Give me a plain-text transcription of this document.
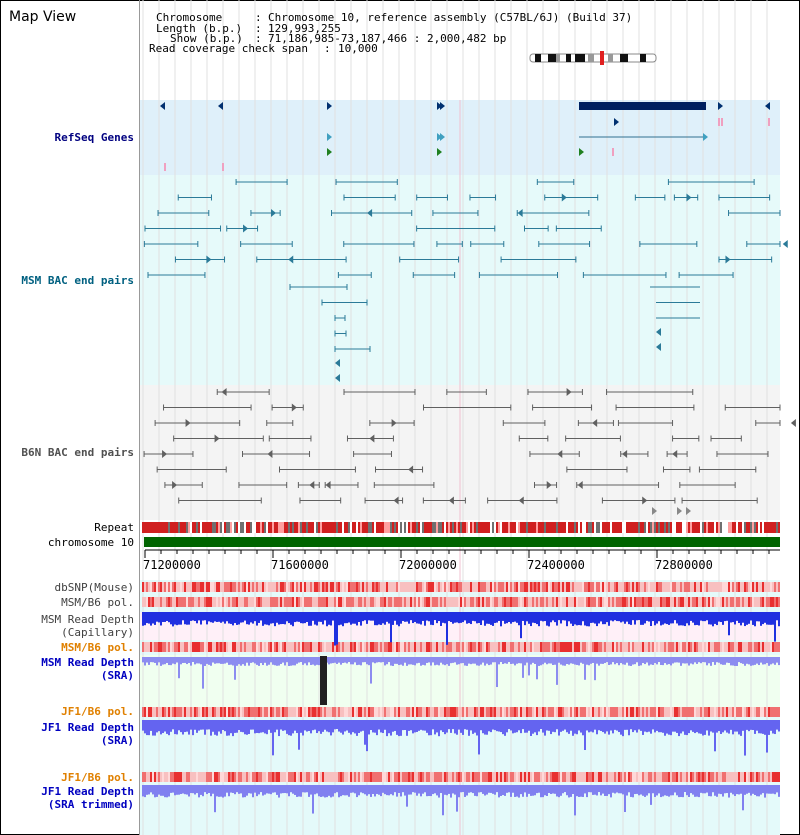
Map View	Chromosome	: Chromosome 10, reference assembly (C57BL/6J) (Build 37)
Length (b.p.) : 129,993,255
Show (b.p.) : 71,186,985-73,187,466 : 2,000,482 bp
Read coverage check span : 10,000
RefSeq Genes
MSM BAC end pairs
B6N BAC end pairs
Repeat
chromosome 10
dbSNP(Mouse)
MSM/B6 pol.
MSM Read Depth
(Capillary)
MSM/B6 pol.
MSM Read Depth
(SRA)
JF1/B6 pol.
JF1 Read Depth
(SRA)
JF1/B6 pol.
JF1 Read Depth
(SRA trimmed)
71200000	71600000	72000000	72400000	72800000
